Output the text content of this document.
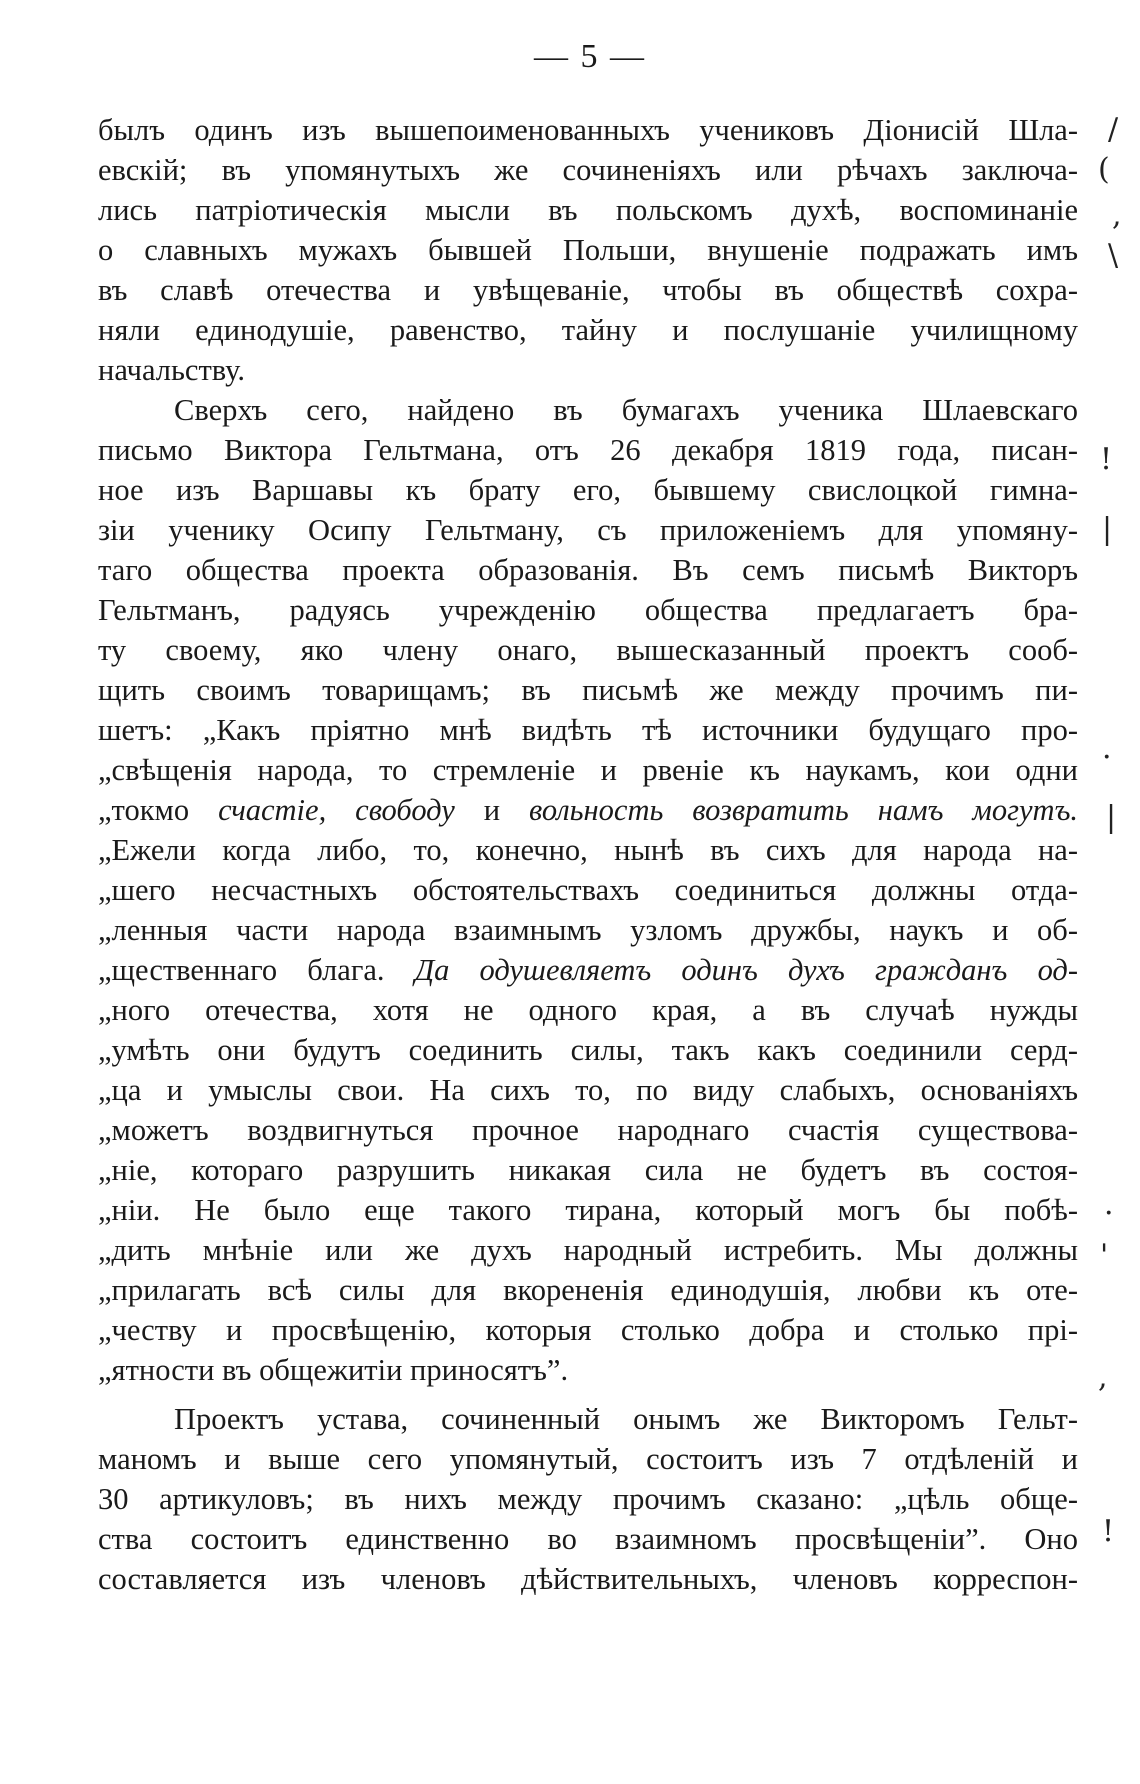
— 5 —
былъ одинъ изъ вышепоименованныхъ учениковъ Діонисій Шла-
евскій; въ упомянутыхъ же сочиненіяхъ или рѣчахъ заключа-
лись патріотическія мысли въ польскомъ духѣ, воспоминаніе
о славныхъ мужахъ бывшей Польши, внушеніе подражать имъ
въ славѣ отечества и увѣщеваніе, чтобы въ обществѣ сохра-
няли единодушіе, равенство, тайну и послушаніе училищному
начальству.
Сверхъ сего, найдено въ бумагахъ ученика Шлаевскаго
письмо Виктора Гельтмана, отъ 26 декабря 1819 года, писан-
ное изъ Варшавы къ брату его, бывшему свислоцкой гимна-
зіи ученику Осипу Гельтману, съ приложеніемъ для упомяну-
таго общества проекта образованія. Въ семъ письмѣ Викторъ
Гельтманъ, радуясь учрежденію общества предлагаетъ бра-
ту своему, яко члену онаго, вышесказанный проектъ сооб-
щить своимъ товарищамъ; въ письмѣ же между прочимъ пи-
шетъ: „Какъ пріятно мнѣ видѣть тѣ источники будущаго про-
„свѣщенія народа, то стремленіе и рвеніе къ наукамъ, кои одни
„токмо счастіе, свободу и вольность возвратить намъ могутъ.
„Ежели когда либо, то, конечно, нынѣ въ сихъ для народа на-
„шего несчастныхъ обстоятельствахъ соединиться должны отда-
„ленныя части народа взаимнымъ узломъ дружбы, наукъ и об-
„щественнаго блага. Да одушевляетъ одинъ духъ гражданъ од-
„ного отечества, хотя не одного края, а въ случаѣ нужды
„умѣть они будутъ соединить силы, такъ какъ соединили серд-
„ца и умыслы свои. На сихъ то, по виду слабыхъ, основаніяхъ
„можетъ воздвигнуться прочное народнаго счастія существова-
„ніе, котораго разрушить никакая сила не будетъ въ состоя-
„ніи. Не было еще такого тирана, который могъ бы побѣ-
„дить мнѣніе или же духъ народный истребить. Мы должны
„прилагать всѣ силы для вкорененія единодушія, любви къ оте-
„честву и просвѣщенію, которыя столько добра и столько прі-
„ятности въ общежитіи приносятъ”.
Проектъ устава, сочиненный онымъ же Викторомъ Гельт-
маномъ и выше сего упомянутый, состоитъ изъ 7 отдѣленій и
30 артикуловъ; въ нихъ между прочимъ сказано: „цѣль обще-
ства состоитъ единственно во взаимномъ просвѣщеніи”. Оно
составляется изъ членовъ дѣйствительныхъ, членовъ корреспон-
(
/
,
\
!
|
·
|
·
'
,
!
